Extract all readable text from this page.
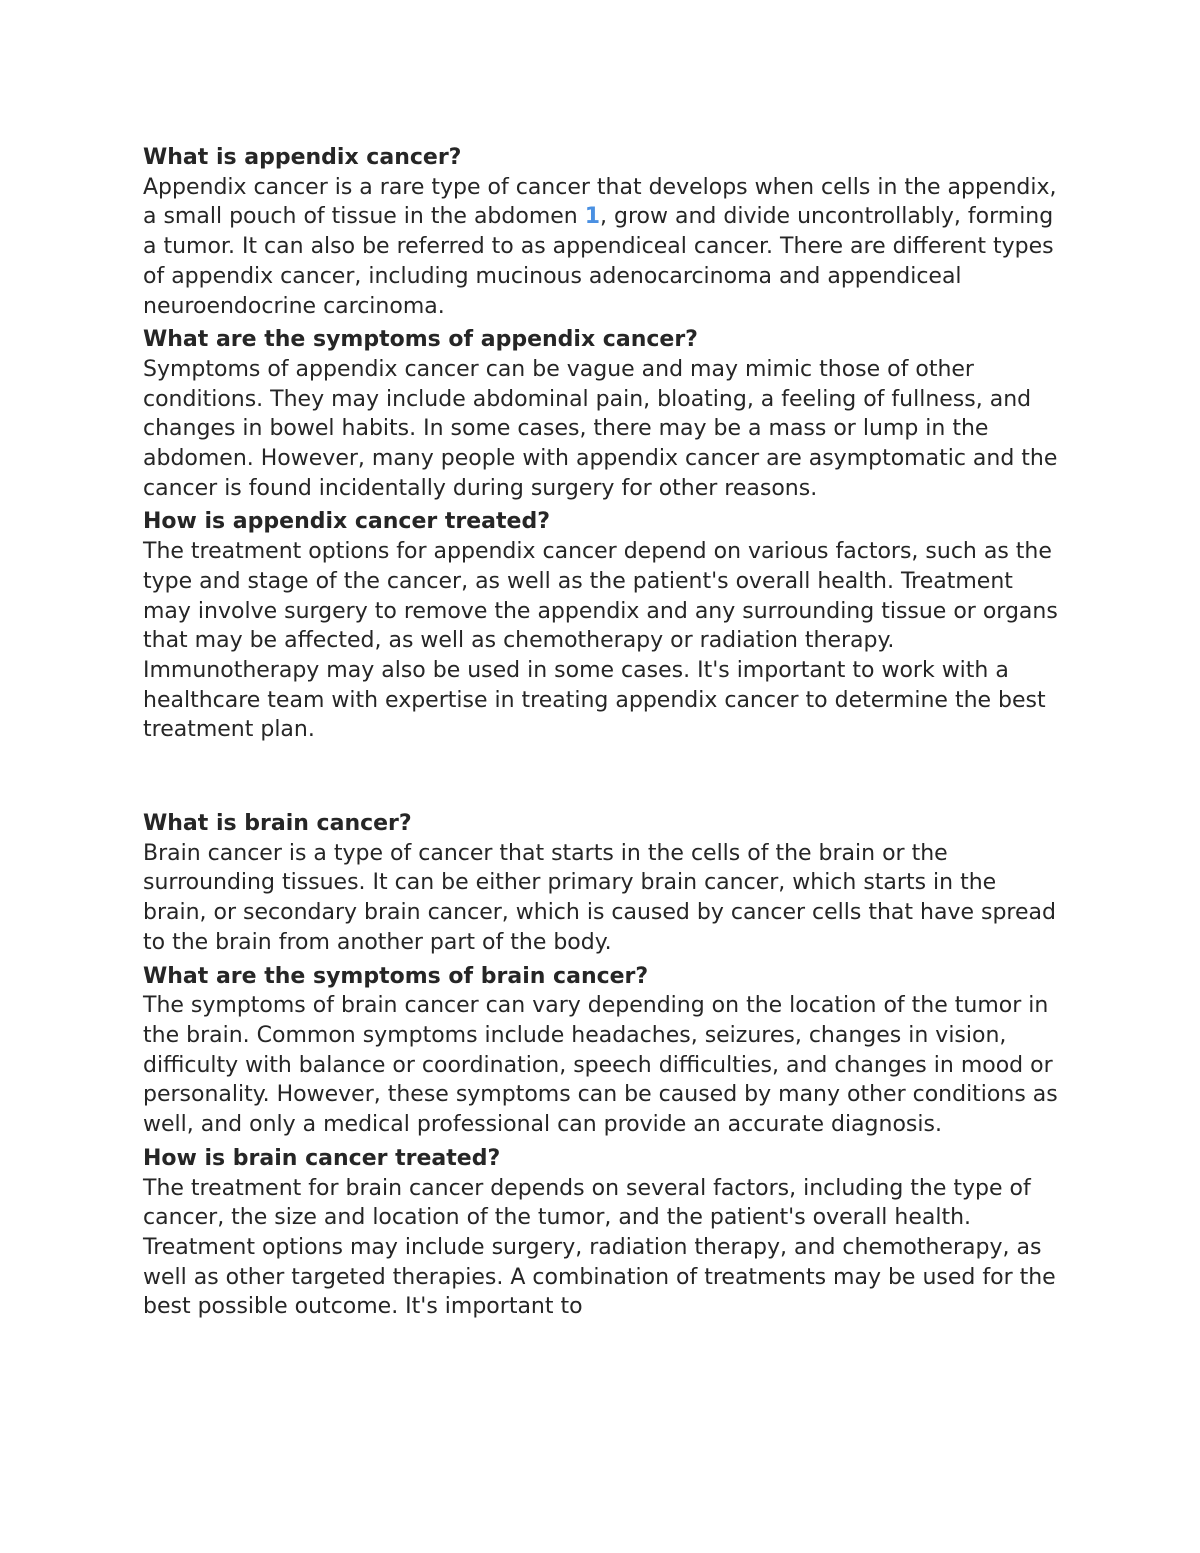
What is appendix cancer?

Appendix cancer is a rare type of cancer that develops when cells in the appendix, a small pouch of tissue in the abdomen 1, grow and divide uncontrollably, forming a tumor. It can also be referred to as appendiceal cancer. There are different types of appendix cancer, including mucinous adenocarcinoma and appendiceal neuroendocrine carcinoma.

What are the symptoms of appendix cancer?

Symptoms of appendix cancer can be vague and may mimic those of other conditions. They may include abdominal pain, bloating, a feeling of fullness, and changes in bowel habits. In some cases, there may be a mass or lump in the abdomen. However, many people with appendix cancer are asymptomatic and the cancer is found incidentally during surgery for other reasons.

How is appendix cancer treated?

The treatment options for appendix cancer depend on various factors, such as the type and stage of the cancer, as well as the patient's overall health. Treatment may involve surgery to remove the appendix and any surrounding tissue or organs that may be affected, as well as chemotherapy or radiation therapy. Immunotherapy may also be used in some cases. It's important to work with a healthcare team with expertise in treating appendix cancer to determine the best treatment plan.

What is brain cancer?

Brain cancer is a type of cancer that starts in the cells of the brain or the surrounding tissues. It can be either primary brain cancer, which starts in the brain, or secondary brain cancer, which is caused by cancer cells that have spread to the brain from another part of the body.

What are the symptoms of brain cancer?

The symptoms of brain cancer can vary depending on the location of the tumor in the brain. Common symptoms include headaches, seizures, changes in vision, difficulty with balance or coordination, speech difficulties, and changes in mood or personality. However, these symptoms can be caused by many other conditions as well, and only a medical professional can provide an accurate diagnosis.

How is brain cancer treated?

The treatment for brain cancer depends on several factors, including the type of cancer, the size and location of the tumor, and the patient's overall health. Treatment options may include surgery, radiation therapy, and chemotherapy, as well as other targeted therapies. A combination of treatments may be used for the best possible outcome. It's important to
